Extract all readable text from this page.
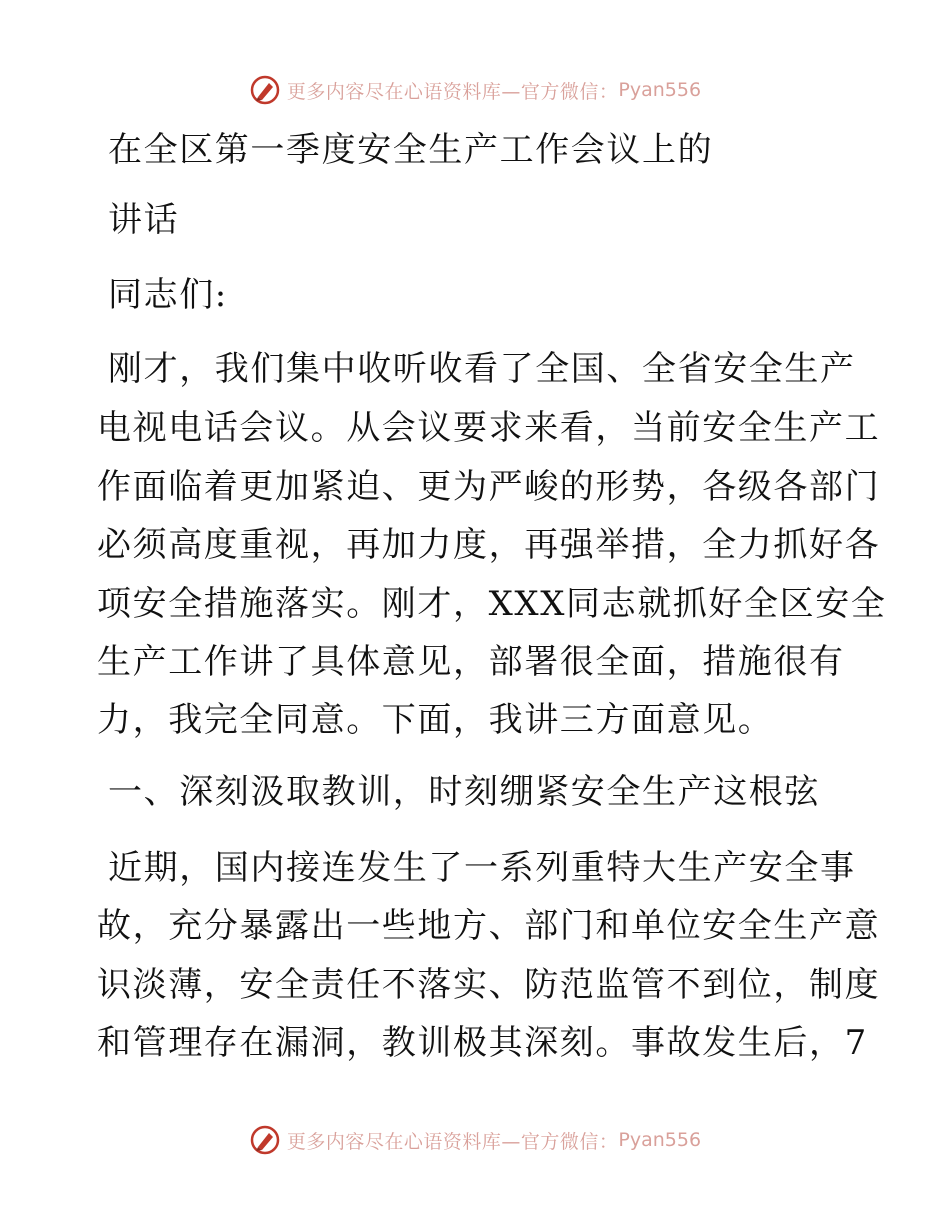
更多内容尽在心语资料库—官方微信： Pyan556
在全区第一季度安全生产工作会议上的
讲话
同志们:
刚才，我们集中收听收看了全国、全省安全生产
电视电话会议。从会议要求来看，当前安全生产工
作面临着更加紧迫、更为严峻的形势，各级各部门
必须高度重视，再加力度，再强举措，全力抓好各
项安全措施落实。刚才，XXX同志就抓好全区安全
生产工作讲了具体意见，部署很全面，措施很有
力，我完全同意。下面，我讲三方面意见。
一、深刻汲取教训，时刻绷紧安全生产这根弦
近期，国内接连发生了一系列重特大生产安全事
故，充分暴露出一些地方、部门和单位安全生产意
识淡薄，安全责任不落实、防范监管不到位，制度
和管理存在漏洞，教训极其深刻。事故发生后，7
更多内容尽在心语资料库—官方微信： Pyan556
